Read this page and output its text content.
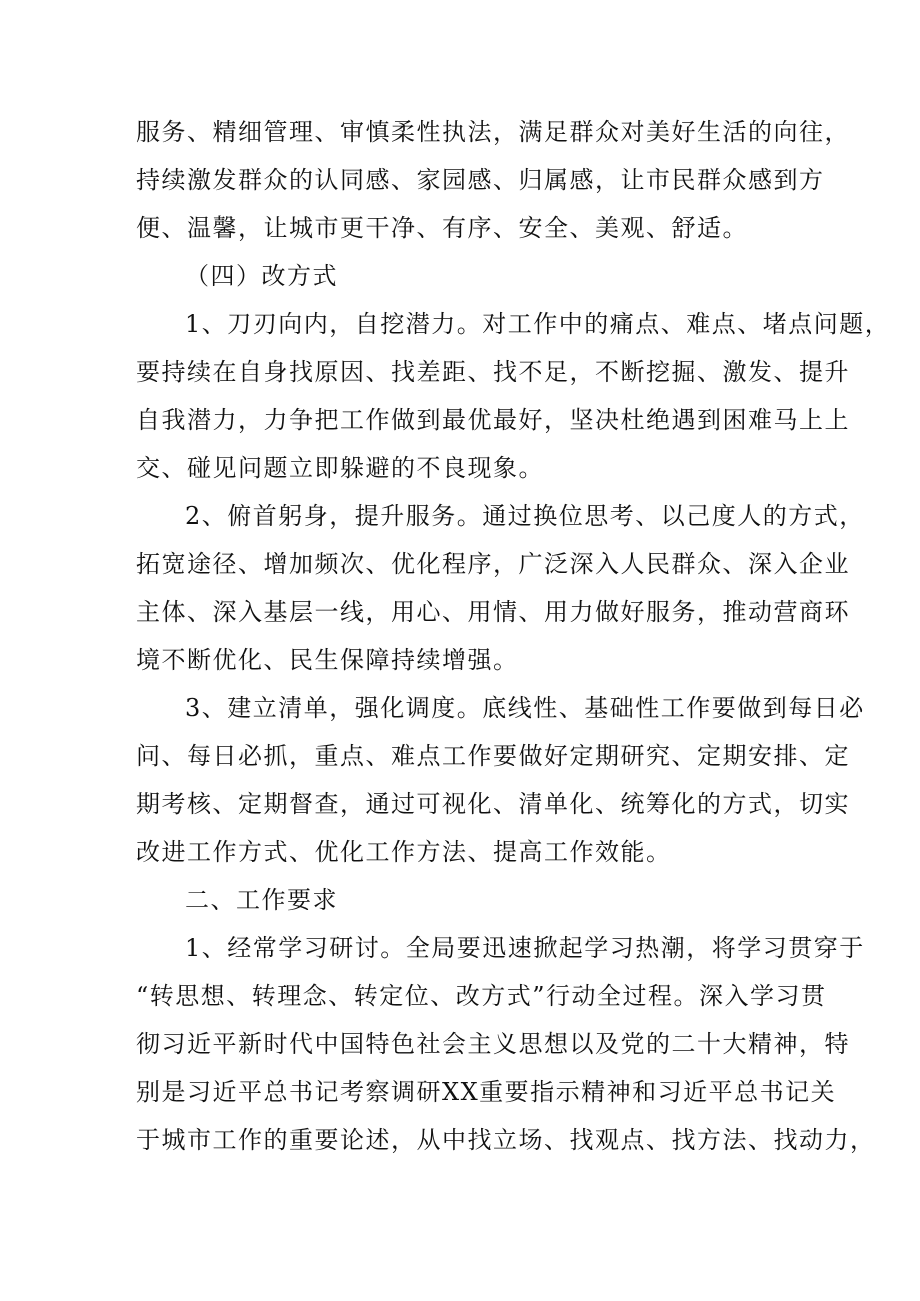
服务、精细管理、审慎柔性执法，满足群众对美好生活的向往，
持续激发群众的认同感、家园感、归属感，让市民群众感到方
便、温馨，让城市更干净、有序、安全、美观、舒适。
（四）改方式
1、刀刃向内，自挖潜力。对工作中的痛点、难点、堵点问题，
要持续在自身找原因、找差距、找不足，不断挖掘、激发、提升
自我潜力，力争把工作做到最优最好，坚决杜绝遇到困难马上上
交、碰见问题立即躲避的不良现象。
2、俯首躬身，提升服务。通过换位思考、以己度人的方式，
拓宽途径、增加频次、优化程序，广泛深入人民群众、深入企业
主体、深入基层一线，用心、用情、用力做好服务，推动营商环
境不断优化、民生保障持续增强。
3、建立清单，强化调度。底线性、基础性工作要做到每日必
问、每日必抓，重点、难点工作要做好定期研究、定期安排、定
期考核、定期督查，通过可视化、清单化、统筹化的方式，切实
改进工作方式、优化工作方法、提高工作效能。
二、工作要求
1、经常学习研讨。全局要迅速掀起学习热潮，将学习贯穿于
“转思想、转理念、转定位、改方式”行动全过程。深入学习贯
彻习近平新时代中国特色社会主义思想以及党的二十大精神，特
别是习近平总书记考察调研XX重要指示精神和习近平总书记关
于城市工作的重要论述，从中找立场、找观点、找方法、找动力，
